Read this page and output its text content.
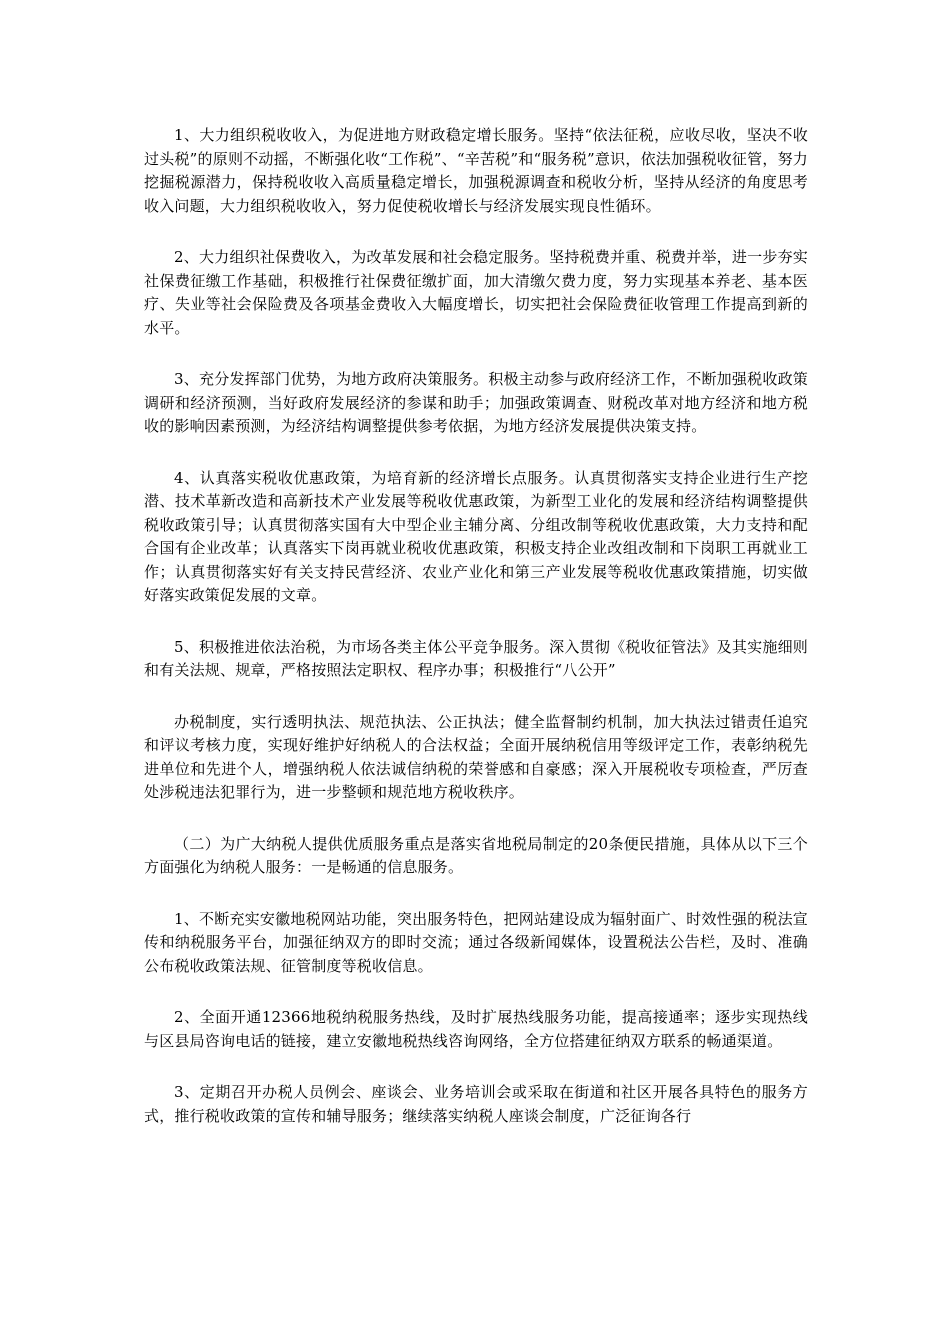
1、大力组织税收收入，为促进地方财政稳定增长服务。坚持“依法征税，应收尽收，坚决不收过头税”的原则不动摇，不断强化收“工作税”、“辛苦税”和“服务税”意识，依法加强税收征管，努力挖掘税源潜力，保持税收收入高质量稳定增长，加强税源调查和税收分析，坚持从经济的角度思考收入问题，大力组织税收收入，努力促使税收增长与经济发展实现良性循环。

2、大力组织社保费收入，为改革发展和社会稳定服务。坚持税费并重、税费并举，进一步夯实社保费征缴工作基础，积极推行社保费征缴扩面，加大清缴欠费力度，努力实现基本养老、基本医疗、失业等社会保险费及各项基金费收入大幅度增长，切实把社会保险费征收管理工作提高到新的水平。

3、充分发挥部门优势，为地方政府决策服务。积极主动参与政府经济工作，不断加强税收政策调研和经济预测，当好政府发展经济的参谋和助手；加强政策调查、财税改革对地方经济和地方税收的影响因素预测，为经济结构调整提供参考依据，为地方经济发展提供决策支持。

4、认真落实税收优惠政策，为培育新的经济增长点服务。认真贯彻落实支持企业进行生产挖潜、技术革新改造和高新技术产业发展等税收优惠政策，为新型工业化的发展和经济结构调整提供税收政策引导；认真贯彻落实国有大中型企业主辅分离、分组改制等税收优惠政策，大力支持和配合国有企业改革；认真落实下岗再就业税收优惠政策，积极支持企业改组改制和下岗职工再就业工作；认真贯彻落实好有关支持民营经济、农业产业化和第三产业发展等税收优惠政策措施，切实做好落实政策促发展的文章。

5、积极推进依法治税，为市场各类主体公平竞争服务。深入贯彻《税收征管法》及其实施细则和有关法规、规章，严格按照法定职权、程序办事；积极推行“八公开”

办税制度，实行透明执法、规范执法、公正执法；健全监督制约机制，加大执法过错责任追究和评议考核力度，实现好维护好纳税人的合法权益；全面开展纳税信用等级评定工作，表彰纳税先进单位和先进个人，增强纳税人依法诚信纳税的荣誉感和自豪感；深入开展税收专项检查，严厉查处涉税违法犯罪行为，进一步整顿和规范地方税收秩序。

（二）为广大纳税人提供优质服务重点是落实省地税局制定的20条便民措施，具体从以下三个方面强化为纳税人服务：一是畅通的信息服务。

1、不断充实安徽地税网站功能，突出服务特色，把网站建设成为辐射面广、时效性强的税法宣传和纳税服务平台，加强征纳双方的即时交流；通过各级新闻媒体，设置税法公告栏，及时、准确公布税收政策法规、征管制度等税收信息。

2、全面开通12366地税纳税服务热线，及时扩展热线服务功能，提高接通率；逐步实现热线与区县局咨询电话的链接，建立安徽地税热线咨询网络，全方位搭建征纳双方联系的畅通渠道。

3、定期召开办税人员例会、座谈会、业务培训会或采取在街道和社区开展各具特色的服务方式，推行税收政策的宣传和辅导服务；继续落实纳税人座谈会制度，广泛征询各行
